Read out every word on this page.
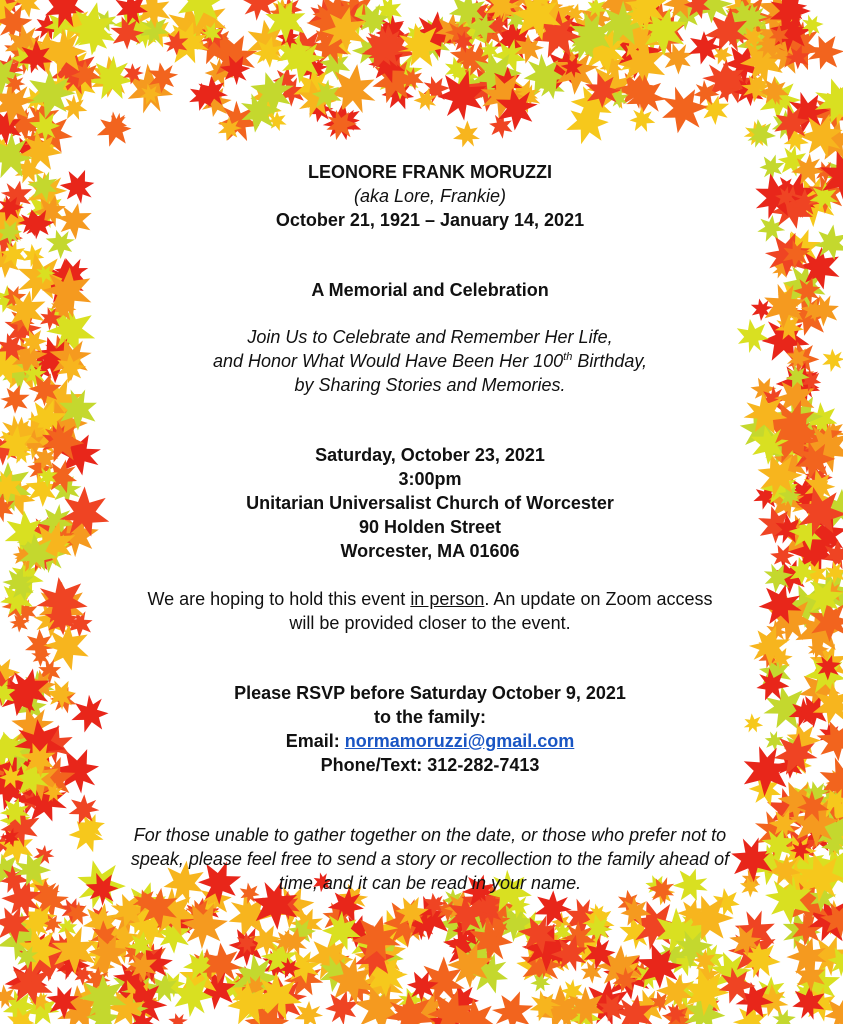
LEONORE FRANK MORUZZI
(aka Lore, Frankie)
October 21, 1921 – January 14, 2021
A Memorial and Celebration
Join Us to Celebrate and Remember Her Life,
and Honor What Would Have Been Her 100th Birthday,
by Sharing Stories and Memories.
Saturday, October 23, 2021
3:00pm
Unitarian Universalist Church of Worcester
90 Holden Street
Worcester, MA 01606
We are hoping to hold this event in person. An update on Zoom access
will be provided closer to the event.
Please RSVP before Saturday October 9, 2021
to the family:
Email: normamoruzzi@gmail.com
Phone/Text: 312-282-7413
For those unable to gather together on the date, or those who prefer not to
speak, please feel free to send a story or recollection to the family ahead of
time, and it can be read in your name.
